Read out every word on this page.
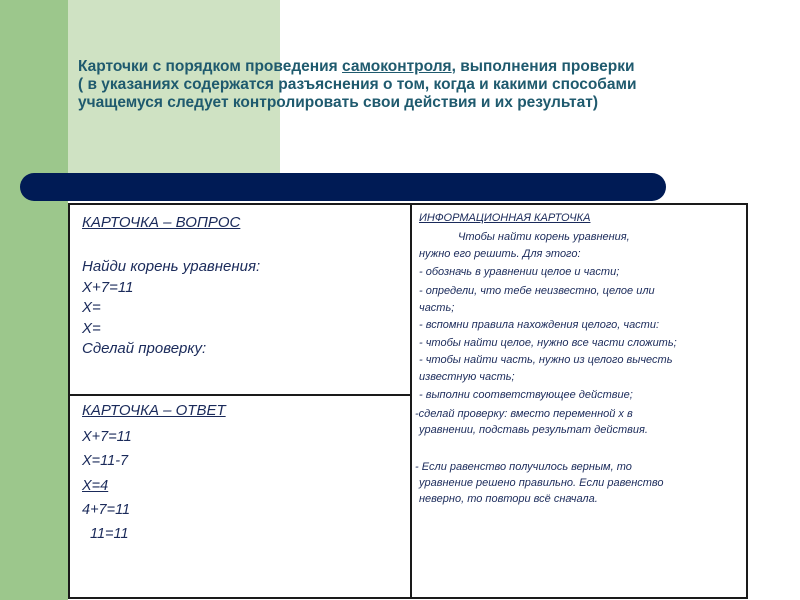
Карточки с порядком проведения самоконтроля, выполнения проверки
( в указаниях содержатся разъяснения о том, когда и какими способами
учащемуся следует контролировать свои действия и их результат)
КАРТОЧКА – ВОПРОС
Найди корень уравнения:
Х+7=11
Х=
Х=
Сделай проверку:
КАРТОЧКА – ОТВЕТ
Х+7=11
Х=11-7
Х=4
4+7=11
11=11
ИНФОРМАЦИОННАЯ КАРТОЧКА
Чтобы найти корень уравнения,
нужно его решить. Для этого:
- обозначь в уравнении целое и части;
- определи, что тебе неизвестно, целое или
часть;
- вспомни правила нахождения целого, части:
- чтобы найти целое, нужно все части сложить;
- чтобы найти часть, нужно из целого вычесть
известную часть;
- выполни соответствующее действие;
-сделай проверку: вместо переменной х в
уравнении, подставь результат действия.
- Если равенство получилось верным, то
уравнение решено правильно. Если равенство
неверно, то повтори всё сначала.
